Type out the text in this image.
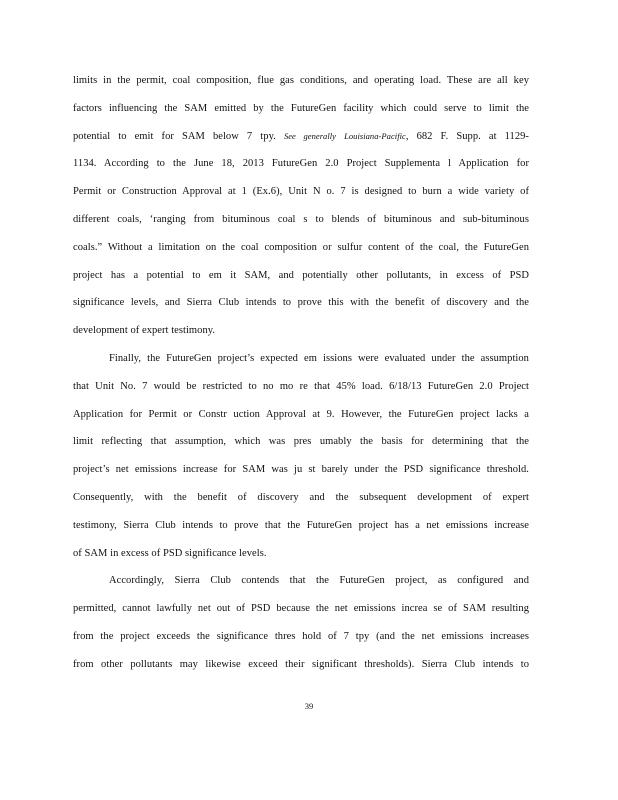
limits in the permit, coal composition, flue gas conditions, and operating load. These are all key
factors influencing the SAM emitted by the FutureGen facility which could serve to limit the
potential to emit for SAM below 7 tpy. See generally Louisiana-Pacific, 682 F. Supp. at 1129-
1134. According to the June 18, 2013 FutureGen 2.0 Project Supplementa l Application for
Permit or Construction Approval at 1 (Ex.6), Unit N o. 7 is designed to burn a wide variety of
different coals, ‘ranging from bituminous coal s to blends of bituminous and sub-bituminous
coals.” Without a limitation on the coal composition or sulfur content of the coal, the FutureGen
project has a potential to em it SAM, and potentially other pollutants, in excess of PSD
significance levels, and Sierra Club intends to prove this with the benefit of discovery and the
development of expert testimony.
Finally, the FutureGen project’s expected em issions were evaluated under the assumption
that Unit No. 7 would be restricted to no mo re that 45% load. 6/18/13 FutureGen 2.0 Project
Application for Permit or Constr uction Approval at 9. However, the FutureGen project lacks a
limit reflecting that assumption, which was pres umably the basis for determining that the
project’s net emissions increase for SAM was ju st barely under the PSD significance threshold.
Consequently, with the benefit of discovery and the subsequent development of expert
testimony, Sierra Club intends to prove that the FutureGen project has a net emissions increase
of SAM in excess of PSD significance levels.
Accordingly, Sierra Club contends that the FutureGen project, as configured and
permitted, cannot lawfully net out of PSD because the net emissions increa se of SAM resulting
from the project exceeds the significance thres hold of 7 tpy (and the net emissions increases
from other pollutants may likewise exceed their significant thresholds). Sierra Club intends to
39
